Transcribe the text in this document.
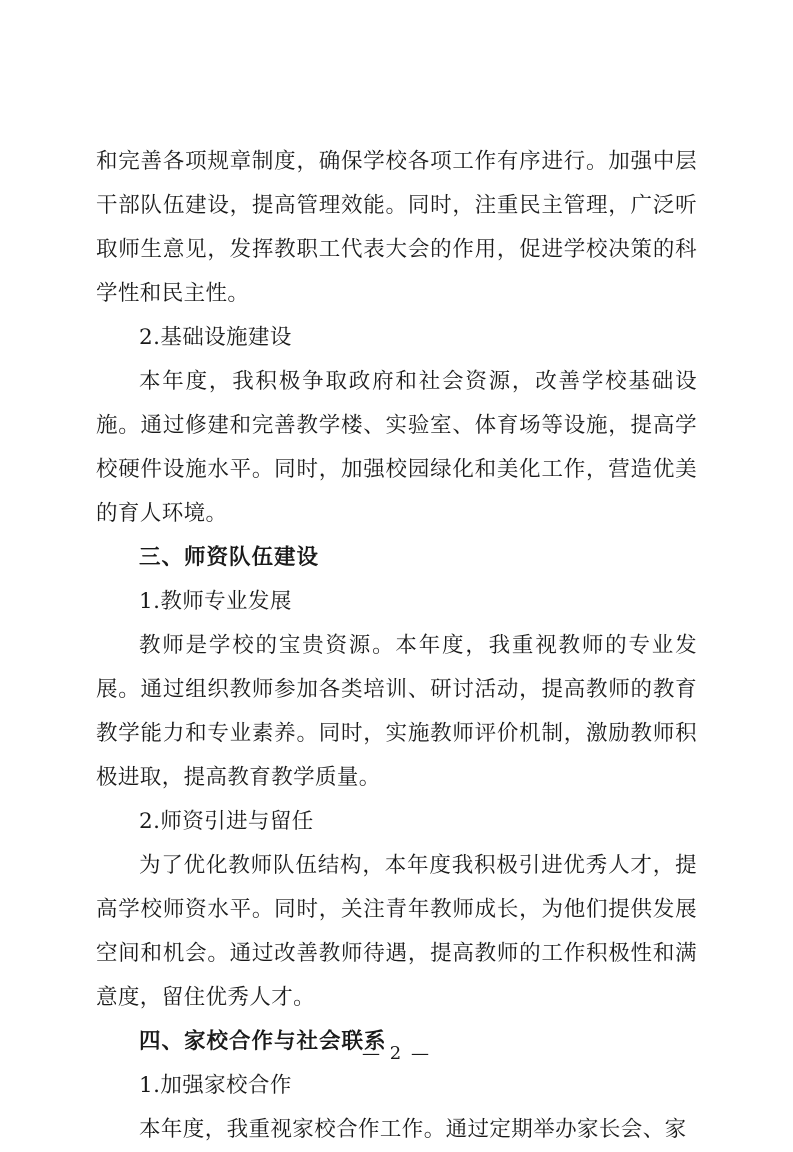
和完善各项规章制度，确保学校各项工作有序进行。加强中层干部队伍建设，提高管理效能。同时，注重民主管理，广泛听取师生意见，发挥教职工代表大会的作用，促进学校决策的科学性和民主性。

2.基础设施建设

本年度，我积极争取政府和社会资源，改善学校基础设施。通过修建和完善教学楼、实验室、体育场等设施，提高学校硬件设施水平。同时，加强校园绿化和美化工作，营造优美的育人环境。

三、师资队伍建设

1.教师专业发展

教师是学校的宝贵资源。本年度，我重视教师的专业发展。通过组织教师参加各类培训、研讨活动，提高教师的教育教学能力和专业素养。同时，实施教师评价机制，激励教师积极进取，提高教育教学质量。

2.师资引进与留任

为了优化教师队伍结构，本年度我积极引进优秀人才，提高学校师资水平。同时，关注青年教师成长，为他们提供发展空间和机会。通过改善教师待遇，提高教师的工作积极性和满意度，留住优秀人才。

四、家校合作与社会联系

1.加强家校合作

本年度，我重视家校合作工作。通过定期举办家长会、家

— 2 —
